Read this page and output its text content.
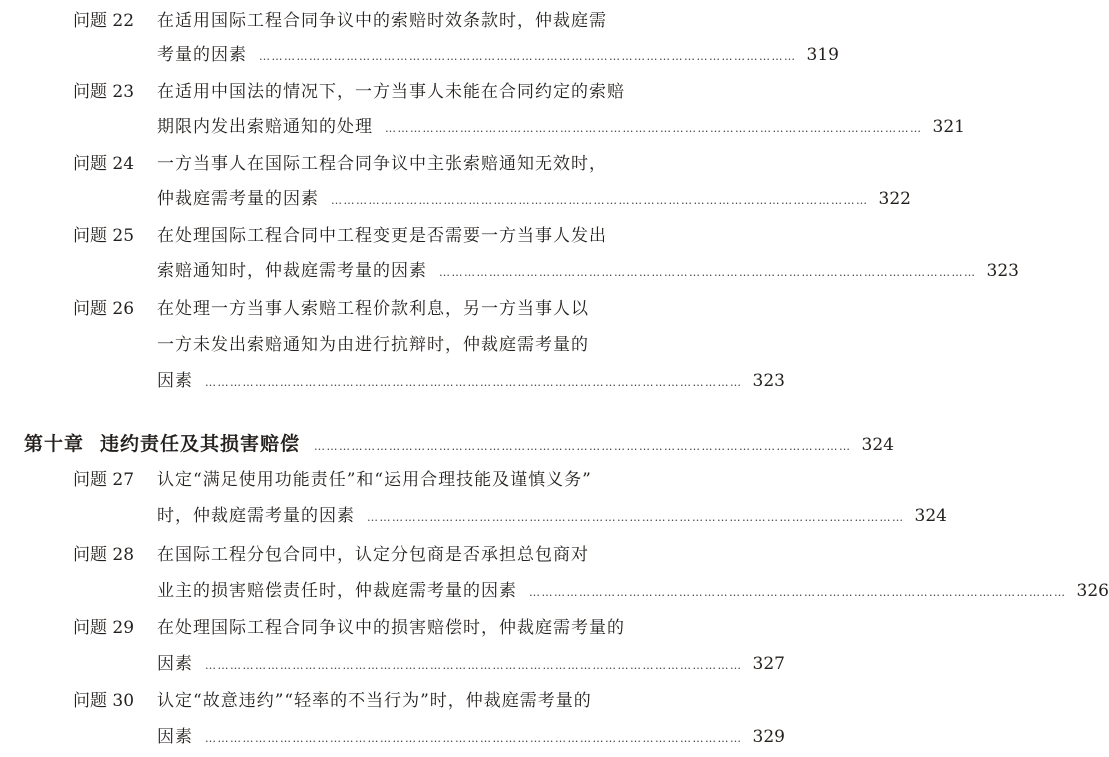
问题 22 在适用国际工程合同争议中的索赔时效条款时，仲裁庭需
考量的因素 ………………………………………………………………………………………………………………… 319
问题 23 在适用中国法的情况下，一方当事人未能在合同约定的索赔
期限内发出索赔通知的处理 ………………………………………………………………………………………………………………… 321
问题 24 一方当事人在国际工程合同争议中主张索赔通知无效时，
仲裁庭需考量的因素 ………………………………………………………………………………………………………………… 322
问题 25 在处理国际工程合同中工程变更是否需要一方当事人发出
索赔通知时，仲裁庭需考量的因素 ………………………………………………………………………………………………………………… 323
问题 26 在处理一方当事人索赔工程价款利息，另一方当事人以
一方未发出索赔通知为由进行抗辩时，仲裁庭需考量的
因素 ………………………………………………………………………………………………………………… 323
第十章 违约责任及其损害赔偿 ………………………………………………………………………………………………………………… 324
问题 27 认定“满足使用功能责任”和“运用合理技能及谨慎义务”
时，仲裁庭需考量的因素 ………………………………………………………………………………………………………………… 324
问题 28 在国际工程分包合同中，认定分包商是否承担总包商对
业主的损害赔偿责任时，仲裁庭需考量的因素 ………………………………………………………………………………………………………………… 326
问题 29 在处理国际工程合同争议中的损害赔偿时，仲裁庭需考量的
因素 ………………………………………………………………………………………………………………… 327
问题 30 认定“故意违约”“轻率的不当行为”时，仲裁庭需考量的
因素 ………………………………………………………………………………………………………………… 329
